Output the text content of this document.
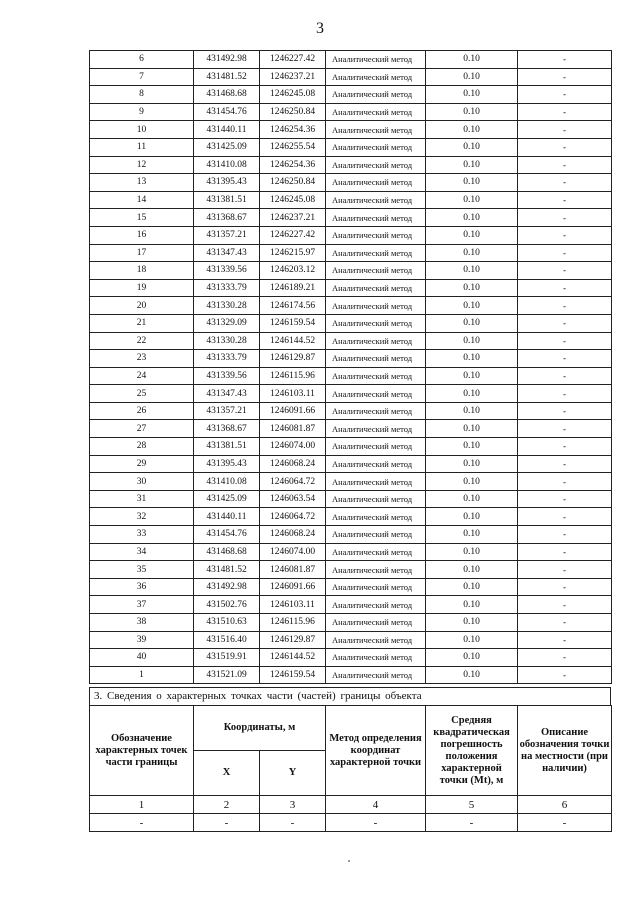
3
6	431492.98	1246227.42	Аналитический метод	0.10	-
7	431481.52	1246237.21	Аналитический метод	0.10	-
8	431468.68	1246245.08	Аналитический метод	0.10	-
9	431454.76	1246250.84	Аналитический метод	0.10	-
10	431440.11	1246254.36	Аналитический метод	0.10	-
11	431425.09	1246255.54	Аналитический метод	0.10	-
12	431410.08	1246254.36	Аналитический метод	0.10	-
13	431395.43	1246250.84	Аналитический метод	0.10	-
14	431381.51	1246245.08	Аналитический метод	0.10	-
15	431368.67	1246237.21	Аналитический метод	0.10	-
16	431357.21	1246227.42	Аналитический метод	0.10	-
17	431347.43	1246215.97	Аналитический метод	0.10	-
18	431339.56	1246203.12	Аналитический метод	0.10	-
19	431333.79	1246189.21	Аналитический метод	0.10	-
20	431330.28	1246174.56	Аналитический метод	0.10	-
21	431329.09	1246159.54	Аналитический метод	0.10	-
22	431330.28	1246144.52	Аналитический метод	0.10	-
23	431333.79	1246129.87	Аналитический метод	0.10	-
24	431339.56	1246115.96	Аналитический метод	0.10	-
25	431347.43	1246103.11	Аналитический метод	0.10	-
26	431357.21	1246091.66	Аналитический метод	0.10	-
27	431368.67	1246081.87	Аналитический метод	0.10	-
28	431381.51	1246074.00	Аналитический метод	0.10	-
29	431395.43	1246068.24	Аналитический метод	0.10	-
30	431410.08	1246064.72	Аналитический метод	0.10	-
31	431425.09	1246063.54	Аналитический метод	0.10	-
32	431440.11	1246064.72	Аналитический метод	0.10	-
33	431454.76	1246068.24	Аналитический метод	0.10	-
34	431468.68	1246074.00	Аналитический метод	0.10	-
35	431481.52	1246081.87	Аналитический метод	0.10	-
36	431492.98	1246091.66	Аналитический метод	0.10	-
37	431502.76	1246103.11	Аналитический метод	0.10	-
38	431510.63	1246115.96	Аналитический метод	0.10	-
39	431516.40	1246129.87	Аналитический метод	0.10	-
40	431519.91	1246144.52	Аналитический метод	0.10	-
1	431521.09	1246159.54	Аналитический метод	0.10	-
3. Сведения о характерных точках части (частей) границы объекта
Обозначение характерных точек части границы	Координаты, м		Метод определения координат характерной точки	Средняя квадратическая погрешность положения характерной точки (Mt), м	Описание обозначения точки на местности (при наличии)
	X	Y			
1	2	3	4	5	6
-	-	-	-	-	-
